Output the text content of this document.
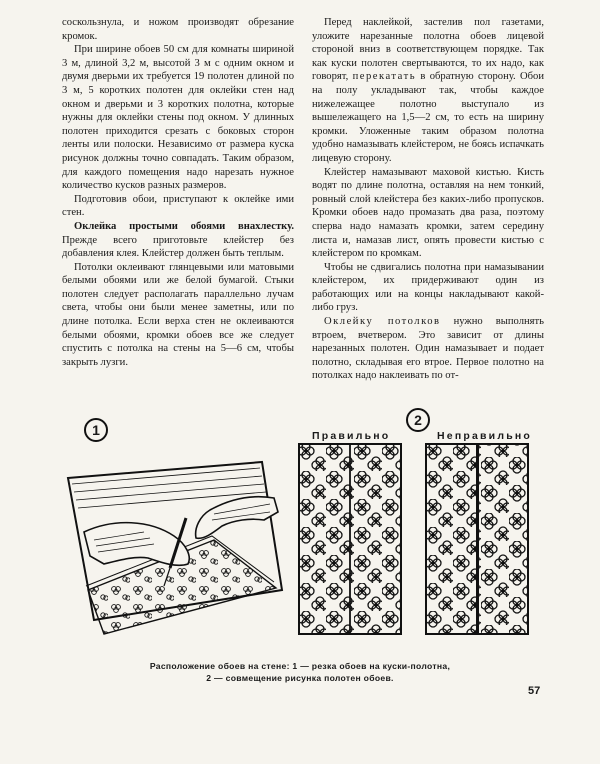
соскользнула, и ножом производят обрезание кромок.

При ширине обоев 50 см для комнаты шириной 3 м, длиной 3,2 м, высотой 3 м с одним окном и двумя дверьми их требуется 19 полотен длиной по 3 м, 5 коротких полотен для оклейки стен над окном и дверьми и 3 коротких полотна, которые нужны для оклейки стены под окном. У длинных полотен приходится срезать с боковых сторон ленты или полоски. Независимо от размера куска рисунок должны точно совпадать. Таким образом, для каждого помещения надо нарезать нужное количество кусков разных размеров.

Подготовив обои, приступают к оклейке ими стен.

Оклейка простыми обоями внахлестку. Прежде всего приготовьте клейстер без добавления клея. Клейстер должен быть теплым.

Потолки оклеивают глянцевыми или матовыми белыми обоями или же белой бумагой. Стыки полотен следует располагать параллельно лучам света, чтобы они были менее заметны, или по длине потолка. Если верха стен не оклеиваются белыми обоями, кромки обоев все же следует спустить с потолка на стены на 5—6 см, чтобы закрыть лузги.

Перед наклейкой, застелив пол газетами, уложите нарезанные полотна обоев лицевой стороной вниз в соответствующем порядке. Так как куски полотен свертываются, то их надо, как говорят, перекатать в обратную сторону. Обои на полу укладывают так, чтобы каждое нижележащее полотно выступало из вышележащего на 1,5—2 см, то есть на ширину кромки. Уложенные таким образом полотна удобно намазывать клейстером, не боясь испачкать лицевую сторону.

Клейстер намазывают маховой кистью. Кисть водят по длине полотна, оставляя на нем тонкий, ровный слой клейстера без каких-либо пропусков. Кромки обоев надо промазать два раза, поэтому сперва надо намазать кромки, затем середину листа и, намазав лист, опять провести кистью с клейстером по кромкам.

Чтобы не сдвигались полотна при намазывании клейстером, их придерживают один из работающих или на концы накладывают какой-либо груз.

Оклейку потолков нужно выполнять втроем, вчетвером. Это зависит от длины нарезанных полотен. Один намазывает и подает полотно, складывая его втрое. Первое полотно на потолках надо наклеивать по от-

1
2
Правильно	Неправильно
Расположение обоев на стене: 1 — резка обоев на куски-полотна,
2 — совмещение рисунка полотен обоев.
57
